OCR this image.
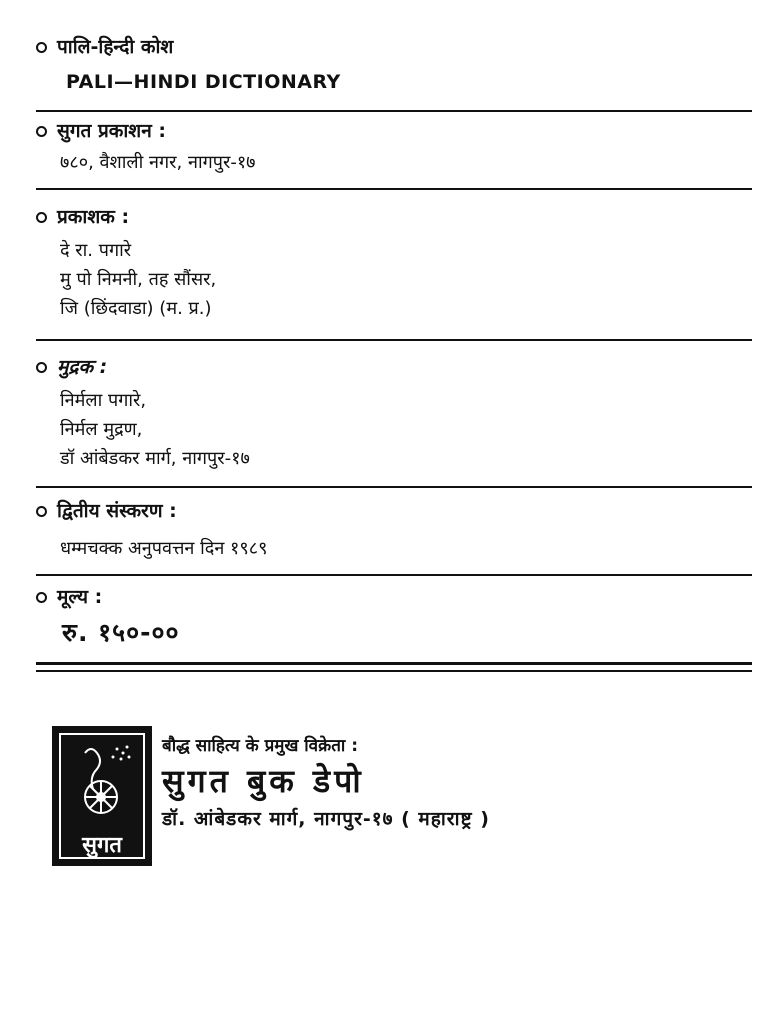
पालि-हिन्दी कोश
PALI—HINDI DICTIONARY
सुगत प्रकाशन :
७८०, वैशाली नगर, नागपुर-१७
प्रकाशक :
दे रा. पगारे
मु पो निमनी, तह सौंसर,
जि (छिंदवाडा) (म. प्र.)
मुद्रक :
निर्मला पगारे,
निर्मल मुद्रण,
डॉ आंबेडकर मार्ग, नागपुर-१७
द्वितीय संस्करण :
धम्मचक्क अनुपवत्तन दिन १९८९
मूल्य :
रु. १५०-००
सुगत
बौद्ध साहित्य के प्रमुख विक्रेता :
सुगत बुक डेपो
डॉ. आंबेडकर मार्ग, नागपुर-१७ ( महाराष्ट्र )
